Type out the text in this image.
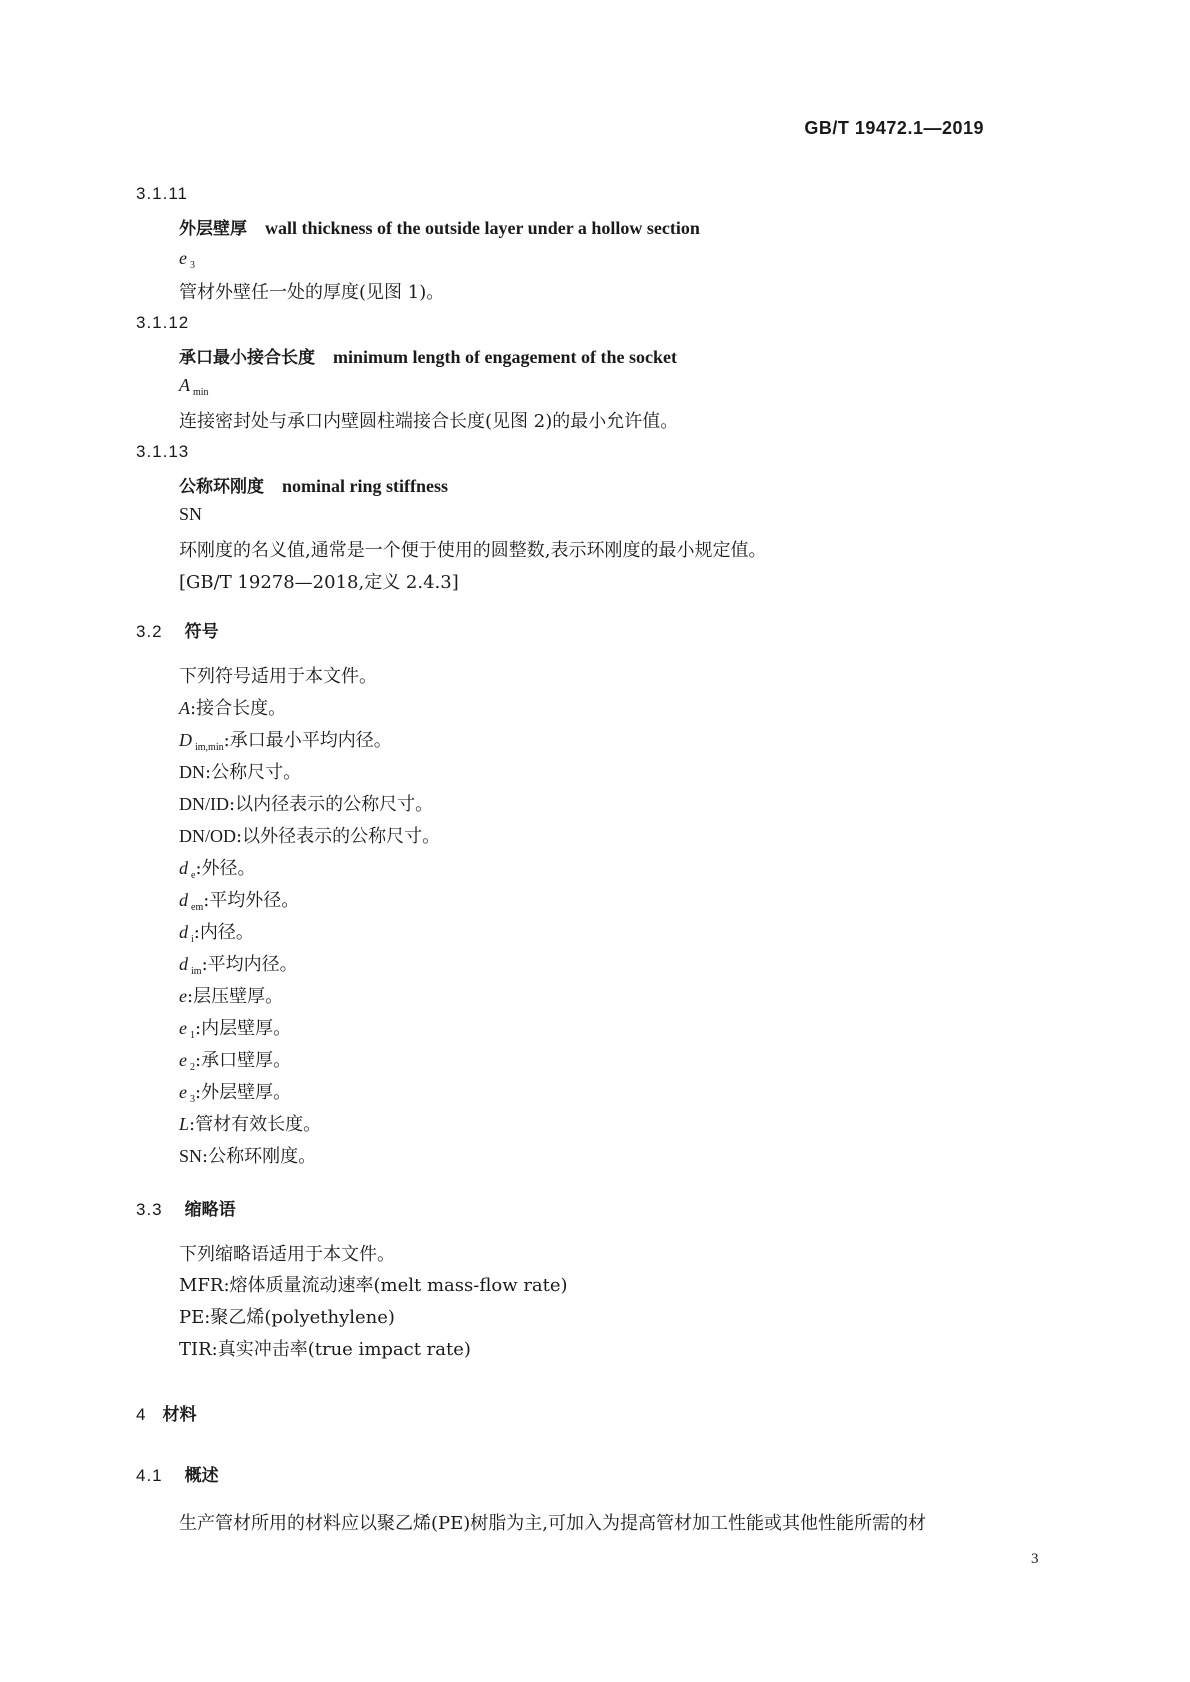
GB/T 19472.1—2019
3.1.11
外层壁厚 wall thickness of the outside layer under a hollow section
e $_3$
管材外壁任一处的厚度(见图 1)。
3.1.12
承口最小接合长度 minimum length of engagement of the socket
A $_{min}$
连接密封处与承口内壁圆柱端接合长度(见图 2)的最小允许值。
3.1.13
公称环刚度 nominal ring stiffness
SN
环刚度的名义值,通常是一个便于使用的圆整数,表示环刚度的最小规定值。
[GB/T 19278—2018,定义 2.4.3]
3.2 符号
下列符号适用于本文件。
A:接合长度。
D $_{im,min}$:承口最小平均内径。
DN:公称尺寸。
DN/ID:以内径表示的公称尺寸。
DN/OD:以外径表示的公称尺寸。
d $_e$:外径。
d $_{em}$:平均外径。
d $_i$:内径。
d $_{im}$:平均内径。
e:层压壁厚。
e $_1$:内层壁厚。
e $_2$:承口壁厚。
e $_3$:外层壁厚。
L:管材有效长度。
SN:公称环刚度。
3.3 缩略语
下列缩略语适用于本文件。
MFR:熔体质量流动速率(melt mass-flow rate)
PE:聚乙烯(polyethylene)
TIR:真实冲击率(true impact rate)
4 材料
4.1 概述
生产管材所用的材料应以聚乙烯(PE)树脂为主,可加入为提高管材加工性能或其他性能所需的材
3
